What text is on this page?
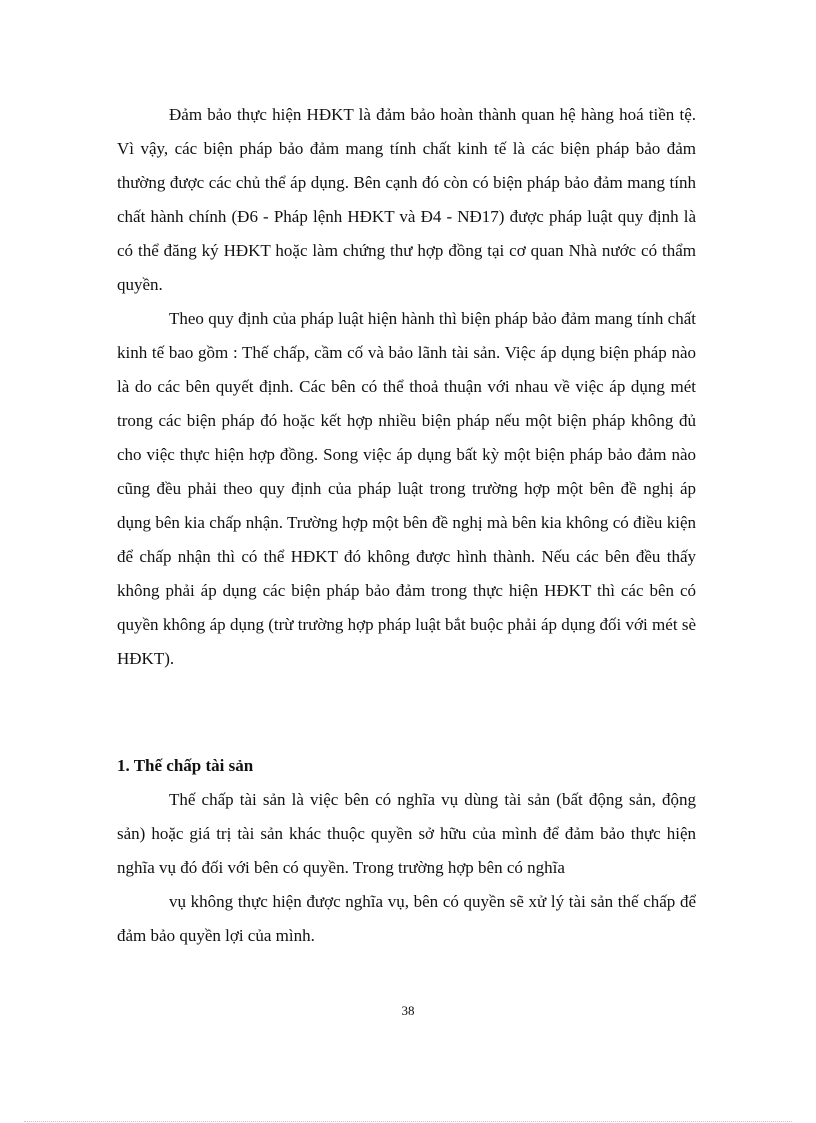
Đảm bảo thực hiện HĐKT là đảm bảo hoàn thành quan hệ hàng hoá tiền tệ. Vì vậy, các biện pháp bảo đảm mang tính chất kinh tế là các biện pháp bảo đảm thường được các chủ thể áp dụng. Bên cạnh đó còn có biện pháp bảo đảm mang tính chất hành chính (Đ6 - Pháp lệnh HĐKT và Đ4 - NĐ17) được pháp luật quy định là có thể đăng ký HĐKT hoặc làm chứng thư hợp đồng tại cơ quan Nhà nước có thẩm quyền.

Theo quy định của pháp luật hiện hành thì biện pháp bảo đảm mang tính chất kinh tế bao gồm : Thế chấp, cầm cố và bảo lãnh tài sản. Việc áp dụng biện pháp nào là do các bên quyết định. Các bên có thể thoả thuận với nhau về việc áp dụng mét trong các biện pháp đó hoặc kết hợp nhiều biện pháp nếu một biện pháp không đủ cho việc thực hiện hợp đồng. Song việc áp dụng bất kỳ một biện pháp bảo đảm nào cũng đều phải theo quy định của pháp luật trong trường hợp một bên đề nghị áp dụng bên kia chấp nhận. Trường hợp một bên đề nghị mà bên kia không có điều kiện để chấp nhận thì có thể HĐKT đó không được hình thành. Nếu các bên đều thấy không phải áp dụng các biện pháp bảo đảm trong thực hiện HĐKT thì các bên có quyền không áp dụng (trừ trường hợp pháp luật bắt buộc phải áp dụng đối với mét sè HĐKT).

1. Thế chấp tài sản

Thế chấp tài sản là việc bên có nghĩa vụ dùng tài sản (bất động sản, động sản) hoặc giá trị tài sản khác thuộc quyền sở hữu của mình để đảm bảo thực hiện nghĩa vụ đó đối với bên có quyền. Trong trường hợp bên có nghĩa

vụ không thực hiện được nghĩa vụ, bên có quyền sẽ xử lý tài sản thế chấp để đảm bảo quyền lợi của mình.

38
